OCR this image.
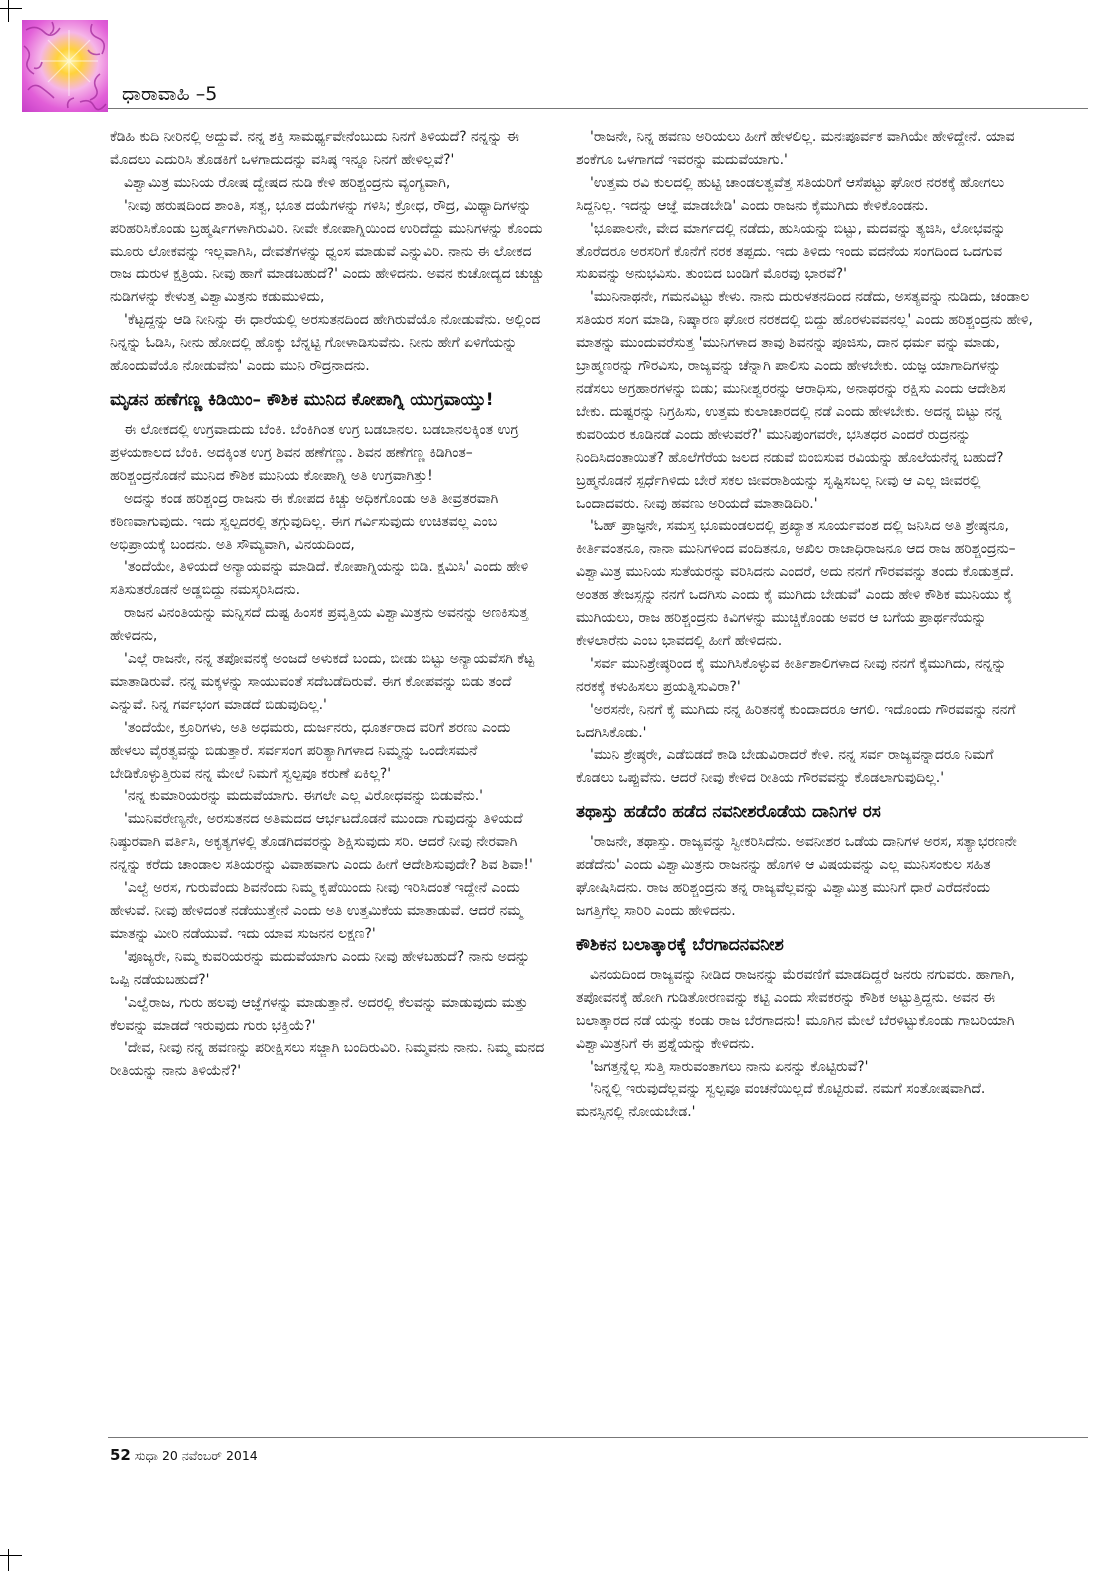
ಧಾರಾವಾಹಿ –5

ಕೆಡಿಹಿ ಕುದಿ ನೀರಿನಲ್ಲಿ ಅದ್ದುವೆ. ನನ್ನ ಶಕ್ತಿ ಸಾಮರ್ಥ್ಯವೇನೆಂಬುದು ನಿನಗೆ ತಿಳಿಯದೆ? ನನ್ನನ್ನು ಈ ಮೊದಲು ಎದುರಿಸಿ ತೊಡಕಿಗೆ ಒಳಗಾದುದನ್ನು ವಸಿಷ್ಠ ಇನ್ನೂ ನಿನಗೆ ಹೇಳಿಲ್ಲವೆ?'

ವಿಶ್ವಾಮಿತ್ರ ಮುನಿಯ ರೋಷ ದ್ವೇಷದ ನುಡಿ ಕೇಳಿ ಹರಿಶ್ಚಂದ್ರನು ವ್ಯಂಗ್ಯವಾಗಿ,

'ನೀವು ಹರುಷದಿಂದ ಶಾಂತಿ, ಸತ್ವ, ಭೂತ ದಯೆಗಳನ್ನು ಗಳಿಸಿ; ಕ್ರೋಧ, ರೌದ್ರ, ಮಿಥ್ಯಾದಿಗಳನ್ನು ಪರಿಹರಿಸಿಕೊಂಡು ಬ್ರಹ್ಮರ್ಷಿಗಳಾಗಿರುವಿರಿ. ನೀವೇ ಕೋಪಾಗ್ನಿಯಿಂದ ಉರಿದೆದ್ದು ಮುನಿಗಳನ್ನು ಕೊಂದು ಮೂರು ಲೋಕವನ್ನು ಇಲ್ಲವಾಗಿಸಿ, ದೇವತೆಗಳನ್ನು ಧ್ವಂಸ ಮಾಡುವೆ ಎನ್ನುವಿರಿ. ನಾನು ಈ ಲೋಕದ ರಾಜ ದುರುಳ ಕ್ಷತ್ರಿಯ. ನೀವು ಹಾಗೆ ಮಾಡಬಹುದೆ?' ಎಂದು ಹೇಳಿದನು. ಅವನ ಕುಚೋದ್ಯದ ಚುಚ್ಚು ನುಡಿಗಳನ್ನು ಕೇಳುತ್ತ ವಿಶ್ವಾಮಿತ್ರನು ಕಡುಮುಳಿದು,

'ಕೆಟ್ಟದ್ದನ್ನು ಆಡಿ ನೀನಿನ್ನು ಈ ಧಾರೆಯಲ್ಲಿ ಅರಸುತನದಿಂದ ಹೇಗಿರುವೆಯೊ ನೋಡುವೆನು. ಅಲ್ಲಿಂದ ನಿನ್ನನ್ನು ಓಡಿಸಿ, ನೀನು ಹೋದಲ್ಲಿ ಹೊಕ್ಕು ಬೆನ್ನಟ್ಟಿ ಗೋಳಾಡಿಸುವೆನು. ನೀನು ಹೇಗೆ ಏಳಿಗೆಯನ್ನು ಹೊಂದುವೆಯೊ ನೋಡುವೆನು' ಎಂದು ಮುನಿ ರೌದ್ರನಾದನು.

ಮೃಡನ ಹಣೆಗಣ್ಣ ಕಿಡಿಯಿಂ– ಕೌಶಿಕ ಮುನಿದ ಕೋಪಾಗ್ನಿ ಯುಗ್ರವಾಯ್ತು!

ಈ ಲೋಕದಲ್ಲಿ ಉಗ್ರವಾದುದು ಬೆಂಕಿ. ಬೆಂಕಿಗಿಂತ ಉಗ್ರ ಬಡಬಾನಲ. ಬಡಬಾನಲಕ್ಕಿಂತ ಉಗ್ರ ಪ್ರಳಯಕಾಲದ ಬೆಂಕಿ. ಅದಕ್ಕಿಂತ ಉಗ್ರ ಶಿವನ ಹಣೆಗಣ್ಣು. ಶಿವನ ಹಣೆಗಣ್ಣ ಕಿಡಿಗಿಂತ– ಹರಿಶ್ಚಂದ್ರನೊಡನೆ ಮುನಿದ ಕೌಶಿಕ ಮುನಿಯ ಕೋಪಾಗ್ನಿ ಅತಿ ಉಗ್ರವಾಗಿತ್ತು!

ಅದನ್ನು ಕಂಡ ಹರಿಶ್ಚಂದ್ರ ರಾಜನು ಈ ಕೋಪದ ಕಿಚ್ಚು ಅಧಿಕಗೊಂಡು ಅತಿ ತೀವ್ರತರವಾಗಿ ಕಠಿಣವಾಗುವುದು. ಇದು ಸ್ವಲ್ಪದರಲ್ಲಿ ತಗ್ಗುವುದಿಲ್ಲ. ಈಗ ಗರ್ವಿಸುವುದು ಉಚಿತವಲ್ಲ ಎಂಬ ಅಭಿಪ್ರಾಯಕ್ಕೆ ಬಂದನು. ಅತಿ ಸೌಮ್ಯವಾಗಿ, ವಿನಯದಿಂದ,

'ತಂದೆಯೇ, ತಿಳಿಯದೆ ಅನ್ಯಾಯವನ್ನು ಮಾಡಿದೆ. ಕೋಪಾಗ್ನಿಯನ್ನು ಬಿಡಿ. ಕ್ಷಮಿಸಿ' ಎಂದು ಹೇಳಿ ಸತಿಸುತರೊಡನೆ ಅಡ್ಡಬಿದ್ದು ನಮಸ್ಕರಿಸಿದನು.

ರಾಜನ ವಿನಂತಿಯನ್ನು ಮನ್ನಿಸದೆ ದುಷ್ಟ ಹಿಂಸಕ ಪ್ರವೃತ್ತಿಯ ವಿಶ್ವಾಮಿತ್ರನು ಅವನನ್ನು ಅಣಕಿಸುತ್ತ ಹೇಳಿದನು,

'ಎಲ್ಲೆ ರಾಜನೇ, ನನ್ನ ತಪೋವನಕ್ಕೆ ಅಂಜದೆ ಅಳುಕದೆ ಬಂದು, ಬೀಡು ಬಿಟ್ಟು ಅನ್ಯಾಯವೆಸಗಿ ಕೆಟ್ಟ ಮಾತಾಡಿರುವೆ. ನನ್ನ ಮಕ್ಕಳನ್ನು ಸಾಯುವಂತೆ ಸದೆಬಡೆದಿರುವೆ. ಈಗ ಕೋಪವನ್ನು ಬಿಡು ತಂದೆ ಎನ್ನುವೆ. ನಿನ್ನ ಗರ್ವಭಂಗ ಮಾಡದೆ ಬಿಡುವುದಿಲ್ಲ.'

'ತಂದೆಯೇ, ಕ್ರೂರಿಗಳು, ಅತಿ ಅಧಮರು, ದುರ್ಜನರು, ಧೂರ್ತರಾದ ವರಿಗೆ ಶರಣು ಎಂದು ಹೇಳಲು ವೈರತ್ವವನ್ನು ಬಿಡುತ್ತಾರೆ. ಸರ್ವಸಂಗ ಪರಿತ್ಯಾಗಿಗಳಾದ ನಿಮ್ಮನ್ನು ಒಂದೇಸಮನೆ ಬೇಡಿಕೊಳ್ಳುತ್ತಿರುವ ನನ್ನ ಮೇಲೆ ನಿಮಗೆ ಸ್ವಲ್ಪವೂ ಕರುಣೆ ಏಕಿಲ್ಲ?'

'ನನ್ನ ಕುಮಾರಿಯರನ್ನು ಮದುವೆಯಾಗು. ಈಗಲೇ ಎಲ್ಲ ವಿರೋಧವನ್ನು ಬಿಡುವೆನು.'

'ಮುನಿವರೇಣ್ಯನೇ, ಅರಸುತನದ ಅತಿಮದದ ಆರ್ಭಟದೊಡನೆ ಮುಂದಾ ಗುವುದನ್ನು ತಿಳಿಯದೆ ನಿಷ್ಠುರವಾಗಿ ವರ್ತಿಸಿ, ಅಕೃತ್ಯಗಳಲ್ಲಿ ತೊಡಗಿದವರನ್ನು ಶಿಕ್ಷಿಸುವುದು ಸರಿ. ಆದರೆ ನೀವು ನೇರವಾಗಿ ನನ್ನನ್ನು ಕರೆದು ಚಾಂಡಾಲ ಸತಿಯರನ್ನು ವಿವಾಹವಾಗು ಎಂದು ಹೀಗೆ ಆದೇಶಿಸುವುದೇ? ಶಿವ ಶಿವಾ!'

'ಎಲ್ವೆ ಅರಸ, ಗುರುವೆಂದು ಶಿವನೆಂದು ನಿಮ್ಮ ಕೃಪೆಯಿಂದು ನೀವು ಇರಿಸಿದಂತೆ ಇದ್ದೇನೆ ಎಂದು ಹೇಳುವೆ. ನೀವು ಹೇಳಿದಂತೆ ನಡೆಯುತ್ತೇನೆ ಎಂದು ಅತಿ ಉತ್ತಮಿಕೆಯ ಮಾತಾಡುವೆ. ಆದರೆ ನಮ್ಮ ಮಾತನ್ನು ಮೀರಿ ನಡೆಯುವೆ. ಇದು ಯಾವ ಸುಜನನ ಲಕ್ಷಣ?'

'ಪೂಜ್ಯರೇ, ನಿಮ್ಮ ಕುವರಿಯರನ್ನು ಮದುವೆಯಾಗು ಎಂದು ನೀವು ಹೇಳಬಹುದೆ? ನಾನು ಅದನ್ನು ಒಪ್ಪಿ ನಡೆಯಬಹುದೆ?'

'ಎಲ್ವೆರಾಜ, ಗುರು ಹಲವು ಆಜ್ಞೆಗಳನ್ನು ಮಾಡುತ್ತಾನೆ. ಅದರಲ್ಲಿ ಕೆಲವನ್ನು ಮಾಡುವುದು ಮತ್ತು ಕೆಲವನ್ನು ಮಾಡದೆ ಇರುವುದು ಗುರು ಭಕ್ತಿಯೆ?'

'ದೇವ, ನೀವು ನನ್ನ ಹವಣನ್ನು ಪರೀಕ್ಷಿಸಲು ಸಜ್ಜಾಗಿ ಬಂದಿರುವಿರಿ. ನಿಮ್ಮವನು ನಾನು. ನಿಮ್ಮ ಮನದ ರೀತಿಯನ್ನು ನಾನು ತಿಳಿಯೆನೆ?'

'ರಾಜನೇ, ನಿನ್ನ ಹವಣು ಅರಿಯಲು ಹೀಗೆ ಹೇಳಲಿಲ್ಲ. ಮನಃಪೂರ್ವಕ ವಾಗಿಯೇ ಹೇಳಿದ್ದೇನೆ. ಯಾವ ಶಂಕೆಗೂ ಒಳಗಾಗದೆ ಇವರನ್ನು ಮದುವೆಯಾಗು.'

'ಉತ್ತಮ ರವಿ ಕುಲದಲ್ಲಿ ಹುಟ್ಟಿ ಚಾಂಡಲತ್ವವೆತ್ತ ಸತಿಯರಿಗೆ ಆಸೆಪಟ್ಟು ಘೋರ ನರಕಕ್ಕೆ ಹೋಗಲು ಸಿದ್ದನಿಲ್ಲ. ಇದನ್ನು ಆಜ್ಞೆ ಮಾಡಬೇಡಿ' ಎಂದು ರಾಜನು ಕೈಮುಗಿದು ಕೇಳಿಕೊಂಡನು.

'ಭೂಪಾಲನೇ, ವೇದ ಮಾರ್ಗದಲ್ಲಿ ನಡೆದು, ಹುಸಿಯನ್ನು ಬಿಟ್ಟು, ಮದವನ್ನು ತ್ಯಜಿಸಿ, ಲೋಭವನ್ನು ತೊರೆದರೂ ಅರಸರಿಗೆ ಕೊನೆಗೆ ನರಕ ತಪ್ಪದು. ಇದು ತಿಳಿದು ಇಂದು ವದನೆಯ ಸಂಗದಿಂದ ಒದಗುವ ಸುಖವನ್ನು ಅನುಭವಿಸು. ತುಂಬಿದ ಬಂಡಿಗೆ ಮೊರವು ಭಾರವೆ?'

'ಮುನಿನಾಥನೇ, ಗಮನವಿಟ್ಟು ಕೇಳು. ನಾನು ದುರುಳತನದಿಂದ ನಡೆದು, ಅಸತ್ಯವನ್ನು ನುಡಿದು, ಚಂಡಾಲ ಸತಿಯರ ಸಂಗ ಮಾಡಿ, ನಿಷ್ಕಾರಣ ಘೋರ ನರಕದಲ್ಲಿ ಬಿದ್ದು ಹೊರಳುವವನಲ್ಲ' ಎಂದು ಹರಿಶ್ಚಂದ್ರನು ಹೇಳಿ, ಮಾತನ್ನು ಮುಂದುವರೆಸುತ್ತ 'ಮುನಿಗಳಾದ ತಾವು ಶಿವನನ್ನು ಪೂಜಿಸು, ದಾನ ಧರ್ಮ ವನ್ನು ಮಾಡು, ಬ್ರಾಹ್ಮಣರನ್ನು ಗೌರವಿಸು, ರಾಜ್ಯವನ್ನು ಚೆನ್ನಾಗಿ ಪಾಲಿಸು ಎಂದು ಹೇಳಬೇಕು. ಯಜ್ಞ ಯಾಗಾದಿಗಳನ್ನು ನಡೆಸಲು ಅಗ್ರಹಾರಗಳನ್ನು ಬಿಡು; ಮುನೀಶ್ವರರನ್ನು ಆರಾಧಿಸು, ಅನಾಥರನ್ನು ರಕ್ಷಿಸು ಎಂದು ಆದೇಶಿಸ ಬೇಕು. ದುಷ್ಟರನ್ನು ನಿಗ್ರಹಿಸು, ಉತ್ತಮ ಕುಲಾಚಾರದಲ್ಲಿ ನಡೆ ಎಂದು ಹೇಳಬೇಕು. ಅದನ್ನ ಬಿಟ್ಟು ನನ್ನ ಕುವರಿಯರ ಕೂಡಿನಡೆ ಎಂದು ಹೇಳುವರೆ?' ಮುನಿಪುಂಗವರೇ, ಭಸಿತಧರ ಎಂದರೆ ರುದ್ರನನ್ನು ನಿಂದಿಸಿದಂತಾಯಿತೆ? ಹೊಲೆಗೆರೆಯ ಜಲದ ನಡುವೆ ಬಿಂಬಿಸುವ ರವಿಯನ್ನು ಹೊಲೆಯನೆನ್ನ ಬಹುದೆ? ಬ್ರಹ್ಮನೊಡನೆ ಸ್ಪರ್ಧೆಗಿಳಿದು ಬೇರೆ ಸಕಲ ಜೀವರಾಶಿಯನ್ನು ಸೃಷ್ಟಿಸಬಲ್ಲ ನೀವು ಆ ಎಲ್ಲ ಜೀವರಲ್ಲಿ ಒಂದಾದವರು. ನೀವು ಹವಣು ಅರಿಯದೆ ಮಾತಾಡಿದಿರಿ.'

'ಓಹ್ ಪ್ರಾಜ್ಞನೇ, ಸಮಸ್ತ ಭೂಮಂಡಲದಲ್ಲಿ ಪ್ರಖ್ಯಾತ ಸೂರ್ಯವಂಶ ದಲ್ಲಿ ಜನಿಸಿದ ಅತಿ ಶ್ರೇಷ್ಠನೂ, ಕೀರ್ತಿವಂತನೂ, ನಾನಾ ಮುನಿಗಳಿಂದ ವಂದಿತನೂ, ಅಖಿಲ ರಾಜಾಧಿರಾಜನೂ ಆದ ರಾಜ ಹರಿಶ್ಚಂದ್ರನು– ವಿಶ್ವಾಮಿತ್ರ ಮುನಿಯ ಸುತೆಯರನ್ನು ವರಿಸಿದನು ಎಂದರೆ, ಅದು ನನಗೆ ಗೌರವವನ್ನು ತಂದು ಕೊಡುತ್ತದೆ. ಅಂತಹ ತೇಜಸ್ಸನ್ನು ನನಗೆ ಒದಗಿಸು ಎಂದು ಕೈ ಮುಗಿದು ಬೇಡುವೆ' ಎಂದು ಹೇಳಿ ಕೌಶಿಕ ಮುನಿಯು ಕೈ ಮುಗಿಯಲು, ರಾಜ ಹರಿಶ್ಚಂದ್ರನು ಕಿವಿಗಳನ್ನು ಮುಚ್ಚಿಕೊಂಡು ಅವರ ಆ ಬಗೆಯ ಪ್ರಾರ್ಥನೆಯನ್ನು ಕೇಳಲಾರೆನು ಎಂಬ ಭಾವದಲ್ಲಿ ಹೀಗೆ ಹೇಳಿದನು.

'ಸರ್ವ ಮುನಿಶ್ರೇಷ್ಠರಿಂದ ಕೈ ಮುಗಿಸಿಕೊಳ್ಳುವ ಕೀರ್ತಿಶಾಲಿಗಳಾದ ನೀವು ನನಗೆ ಕೈಮುಗಿದು, ನನ್ನನ್ನು ನರಕಕ್ಕೆ ಕಳುಹಿಸಲು ಪ್ರಯತ್ನಿಸುವಿರಾ?'

'ಅರಸನೇ, ನಿನಗೆ ಕೈ ಮುಗಿದು ನನ್ನ ಹಿರಿತನಕ್ಕೆ ಕುಂದಾದರೂ ಆಗಲಿ. ಇದೊಂದು ಗೌರವವನ್ನು ನನಗೆ ಒದಗಿಸಿಕೊಡು.'

'ಮುನಿ ಶ್ರೇಷ್ಠರೇ, ಎಡೆಬಿಡದೆ ಕಾಡಿ ಬೇಡುವಿರಾದರೆ ಕೇಳಿ. ನನ್ನ ಸರ್ವ ರಾಜ್ಯವನ್ನಾದರೂ ನಿಮಗೆ ಕೊಡಲು ಒಪ್ಪುವೆನು. ಆದರೆ ನೀವು ಕೇಳಿದ ರೀತಿಯ ಗೌರವವನ್ನು ಕೊಡಲಾಗುವುದಿಲ್ಲ.'

ತಥಾಸ್ತು ಹಡೆದೆಂ ಹಡೆದ ನವನೀಶರೊಡೆಯ ದಾನಿಗಳ ರಸ

'ರಾಜನೇ, ತಥಾಸ್ತು. ರಾಜ್ಯವನ್ನು ಸ್ವೀಕರಿಸಿದೆನು. ಅವನೀಶರ ಒಡೆಯ ದಾನಿಗಳ ಅರಸ, ಸತ್ಯಾಭರಣನೇ ಪಡೆದೆನು' ಎಂದು ವಿಶ್ವಾಮಿತ್ರನು ರಾಜನನ್ನು ಹೊಗಳಿ ಆ ವಿಷಯವನ್ನು ಎಲ್ಲ ಮುನಿಸಂಕುಲ ಸಹಿತ ಘೋಷಿಸಿದನು. ರಾಜ ಹರಿಶ್ಚಂದ್ರನು ತನ್ನ ರಾಜ್ಯವೆಲ್ಲವನ್ನು ವಿಶ್ವಾಮಿತ್ರ ಮುನಿಗೆ ಧಾರೆ ಎರೆದನೆಂದು ಜಗತ್ತಿಗೆಲ್ಲ ಸಾರಿರಿ ಎಂದು ಹೇಳಿದನು.

ಕೌಶಿಕನ ಬಲಾತ್ಕಾರಕ್ಕೆ ಬೆರಗಾದನವನೀಶ

ವಿನಯದಿಂದ ರಾಜ್ಯವನ್ನು ನೀಡಿದ ರಾಜನನ್ನು ಮೆರವಣಿಗೆ ಮಾಡದಿದ್ದರೆ ಜನರು ನಗುವರು. ಹಾಗಾಗಿ, ತಪೋವನಕ್ಕೆ ಹೋಗಿ ಗುಡಿತೋರಣವನ್ನು ಕಟ್ಟಿ ಎಂದು ಸೇವಕರನ್ನು ಕೌಶಿಕ ಅಟ್ಟುತ್ತಿದ್ದನು. ಅವನ ಈ ಬಲಾತ್ಕಾರದ ನಡೆ ಯನ್ನು ಕಂಡು ರಾಜ ಬೆರಗಾದನು! ಮೂಗಿನ ಮೇಲೆ ಬೆರಳಿಟ್ಟುಕೊಂಡು ಗಾಬರಿಯಾಗಿ ವಿಶ್ವಾಮಿತ್ರನಿಗೆ ಈ ಪ್ರಶ್ನೆಯನ್ನು ಕೇಳಿದನು.

'ಜಗತ್ತನ್ನೆಲ್ಲ ಸುತ್ತಿ ಸಾರುವಂತಾಗಲು ನಾನು ಏನನ್ನು ಕೊಟ್ಟಿರುವೆ?'

'ನಿನ್ನಲ್ಲಿ ಇರುವುದೆಲ್ಲವನ್ನು ಸ್ವಲ್ಪವೂ ವಂಚನೆಯಿಲ್ಲದೆ ಕೊಟ್ಟಿರುವೆ. ನಮಗೆ ಸಂತೋಷವಾಗಿದೆ. ಮನಸ್ಸಿನಲ್ಲಿ ನೋಯಬೇಡ.'

52 ಸುಧಾ 20 ನವೆಂಬರ್ 2014
